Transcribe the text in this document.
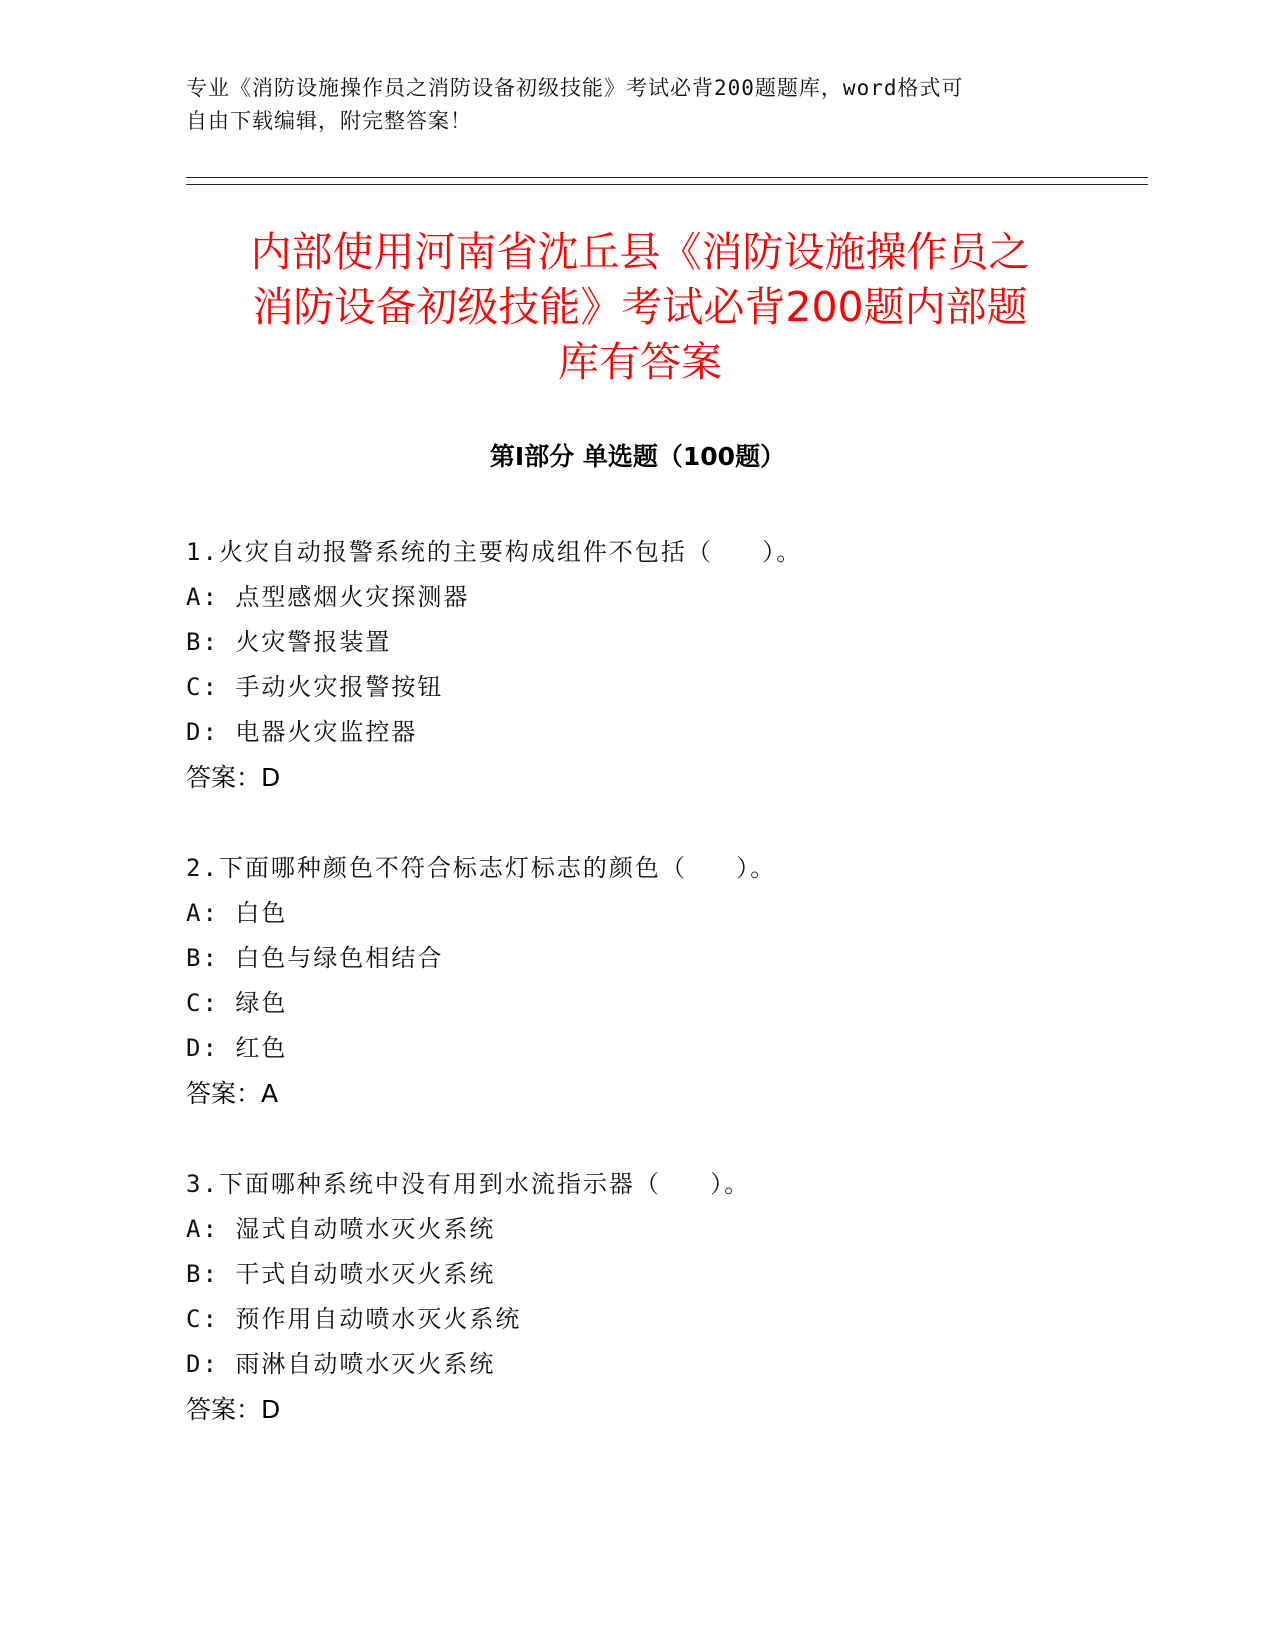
专业《消防设施操作员之消防设备初级技能》考试必背200题题库，word格式可
自由下载编辑，附完整答案！
内部使用河南省沈丘县《消防设施操作员之
消防设备初级技能》考试必背200题内部题
库有答案
第I部分 单选题（100题）
1.火灾自动报警系统的主要构成组件不包括（   ）。
A: 点型感烟火灾探测器
B: 火灾警报装置
C: 手动火灾报警按钮
D: 电器火灾监控器
答案：D
2.下面哪种颜色不符合标志灯标志的颜色（   ）。
A: 白色
B: 白色与绿色相结合
C: 绿色
D: 红色
答案：A
3.下面哪种系统中没有用到水流指示器（   ）。
A: 湿式自动喷水灭火系统
B: 干式自动喷水灭火系统
C: 预作用自动喷水灭火系统
D: 雨淋自动喷水灭火系统
答案：D
